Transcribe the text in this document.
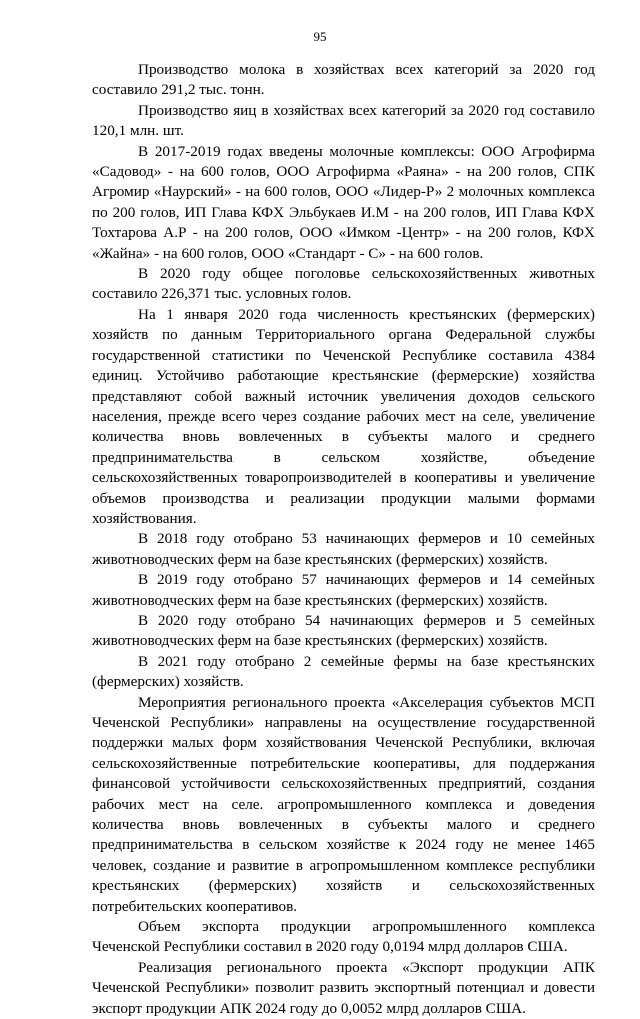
95

Производство молока в хозяйствах всех категорий за 2020 год составило 291,2 тыс. тонн.

Производство яиц в хозяйствах всех категорий за 2020 год составило 120,1 млн. шт.

В 2017-2019 годах введены молочные комплексы: ООО Агрофирма «Садовод» - на 600 голов, ООО Агрофирма «Раяна» - на 200 голов, СПК Агромир «Наурский» - на 600 голов, ООО «Лидер-Р» 2 молочных комплекса по 200 голов, ИП Глава КФХ Эльбукаев И.М - на 200 голов, ИП Глава КФХ Тохтарова А.Р - на 200 голов, ООО «Имком -Центр» - на 200 голов, КФХ «Жайна» - на 600 голов, ООО «Стандарт - С» - на 600 голов.

В 2020 году общее поголовье сельскохозяйственных животных составило 226,371 тыс. условных голов.

На 1 января 2020 года численность крестьянских (фермерских) хозяйств по данным Территориального органа Федеральной службы государственной статистики по Чеченской Республике составила 4384 единиц. Устойчиво работающие крестьянские (фермерские) хозяйства представляют собой важный источник увеличения доходов сельского населения, прежде всего через создание рабочих мест на селе, увеличение количества вновь вовлеченных в субъекты малого и среднего предпринимательства в сельском хозяйстве, объедение сельскохозяйственных товаропроизводителей в кооперативы и увеличение объемов производства и реализации продукции малыми формами хозяйствования.

В 2018 году отобрано 53 начинающих фермеров и 10 семейных животноводческих ферм на базе крестьянских (фермерских) хозяйств.

В 2019 году отобрано 57 начинающих фермеров и 14 семейных животноводческих ферм на базе крестьянских (фермерских) хозяйств.

В 2020 году отобрано 54 начинающих фермеров и 5 семейных животноводческих ферм на базе крестьянских (фермерских) хозяйств.

В 2021 году отобрано 2 семейные фермы на базе крестьянских (фермерских) хозяйств.

Мероприятия регионального проекта «Акселерация субъектов МСП Чеченской Республики» направлены на осуществление государственной поддержки малых форм хозяйствования Чеченской Республики, включая сельскохозяйственные потребительские кооперативы, для поддержания финансовой устойчивости сельскохозяйственных предприятий, создания рабочих мест на селе. агропромышленного комплекса и доведения количества вновь вовлеченных в субъекты малого и среднего предпринимательства в сельском хозяйстве к 2024 году не менее 1465 человек, создание и развитие в агропромышленном комплексе республики крестьянских (фермерских) хозяйств и сельскохозяйственных потребительских кооперативов.

Объем экспорта продукции агропромышленного комплекса Чеченской Республики составил в 2020 году 0,0194 млрд долларов США.

Реализация регионального проекта «Экспорт продукции АПК Чеченской Республики» позволит развить экспортный потенциал и довести экспорт продукции АПК 2024 году до 0,0052 млрд долларов США.
